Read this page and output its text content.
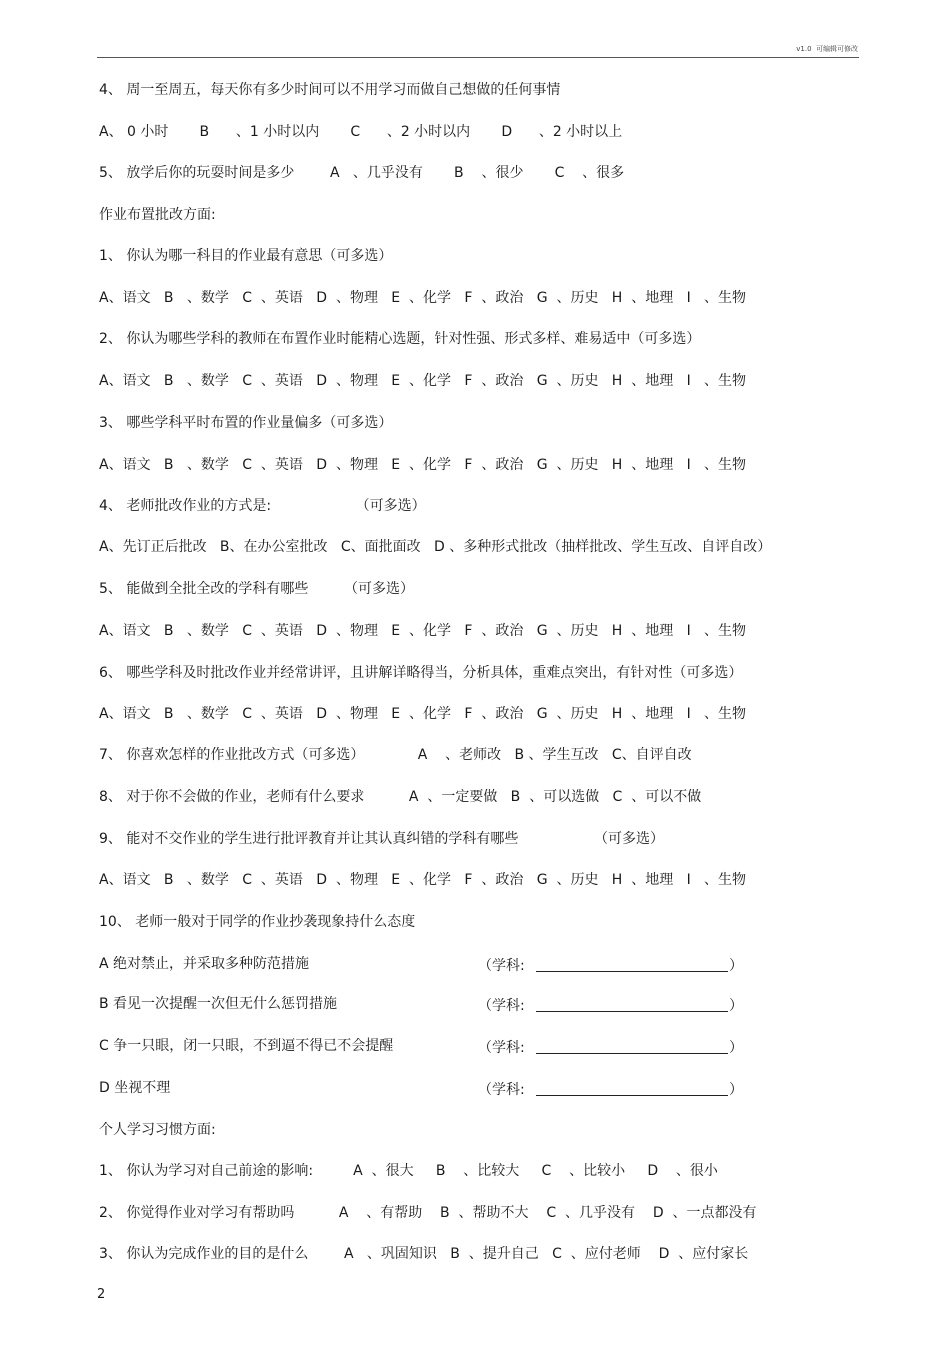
v1.0 可编辑可修改
4、 周一至周五，每天你有多少时间可以不用学习而做自己想做的任何事情
A、 0 小时       B      、1 小时以内       C      、2 小时以内       D      、2 小时以上
5、 放学后你的玩耍时间是多少        A   、几乎没有       B    、很少       C    、很多
作业布置批改方面:
1、 你认为哪一科目的作业最有意思（可多选）
A、语文   B   、数学   C  、英语   D  、物理   E  、化学   F  、政治   G  、历史   H  、地理   I   、生物
2、 你认为哪些学科的教师在布置作业时能精心选题，针对性强、形式多样、难易适中（可多选）
A、语文   B   、数学   C  、英语   D  、物理   E  、化学   F  、政治   G  、历史   H  、地理   I   、生物
3、 哪些学科平时布置的作业量偏多（可多选）
A、语文   B   、数学   C  、英语   D  、物理   E  、化学   F  、政治   G  、历史   H  、地理   I   、生物
4、 老师批改作业的方式是:                   （可多选）
A、先订正后批改   B、在办公室批改   C、面批面改   D 、多种形式批改（抽样批改、学生互改、自评自改）
5、 能做到全批全改的学科有哪些        （可多选）
A、语文   B   、数学   C  、英语   D  、物理   E  、化学   F  、政治   G  、历史   H  、地理   I   、生物
6、 哪些学科及时批改作业并经常讲评，且讲解详略得当，分析具体，重难点突出，有针对性（可多选）
A、语文   B   、数学   C  、英语   D  、物理   E  、化学   F  、政治   G  、历史   H  、地理   I   、生物
7、 你喜欢怎样的作业批改方式（可多选）            A    、老师改   B 、学生互改   C、自评自改
8、 对于你不会做的作业，老师有什么要求          A  、一定要做   B  、可以选做   C  、可以不做
9、 能对不交作业的学生进行批评教育并让其认真纠错的学科有哪些                 （可多选）
A、语文   B   、数学   C  、英语   D  、物理   E  、化学   F  、政治   G  、历史   H  、地理   I   、生物
10、 老师一般对于同学的作业抄袭现象持什么态度
A 绝对禁止，并采取多种防范措施	（学科:	）
B 看见一次提醒一次但无什么惩罚措施	（学科:	）
C 争一只眼，闭一只眼，不到逼不得已不会提醒	（学科:	）
D 坐视不理	（学科:	）
个人学习习惯方面:
1、 你认为学习对自己前途的影响:         A  、很大     B    、比较大     C    、比较小     D    、很小
2、 你觉得作业对学习有帮助吗          A    、有帮助    B  、帮助不大    C  、几乎没有    D  、一点都没有
3、 你认为完成作业的目的是什么        A   、巩固知识   B  、提升自己   C  、应付老师    D  、应付家长
2
